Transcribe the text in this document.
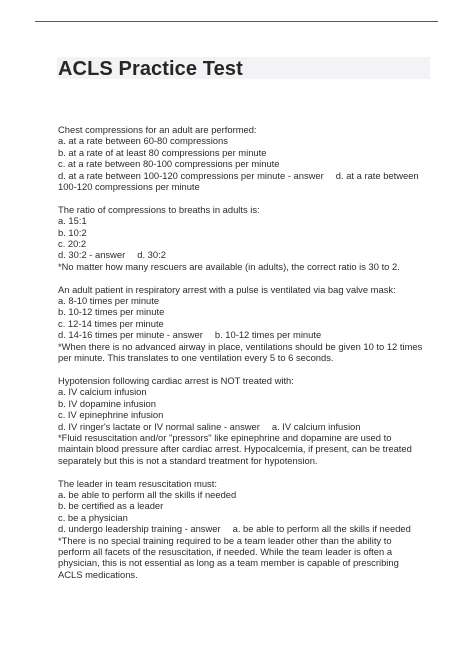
ACLS Practice Test
Chest compressions for an adult are performed:
a. at a rate between 60-80 compressions
b. at a rate of at least 80 compressions per minute
c. at a rate between 80-100 compressions per minute
d. at a rate between 100-120 compressions per minute - answer d. at a rate between
100-120 compressions per minute
The ratio of compressions to breaths in adults is:
a. 15:1
b. 10:2
c. 20:2
d. 30:2 - answer d. 30:2
*No matter how many rescuers are available (in adults), the correct ratio is 30 to 2.
An adult patient in respiratory arrest with a pulse is ventilated via bag valve mask:
a. 8-10 times per minute
b. 10-12 times per minute
c. 12-14 times per minute
d. 14-16 times per minute - answer b. 10-12 times per minute
*When there is no advanced airway in place, ventilations should be given 10 to 12 times
per minute. This translates to one ventilation every 5 to 6 seconds.
Hypotension following cardiac arrest is NOT treated with:
a. IV calcium infusion
b. IV dopamine infusion
c. IV epinephrine infusion
d. IV ringer's lactate or IV normal saline - answer a. IV calcium infusion
*Fluid resuscitation and/or "pressors" like epinephrine and dopamine are used to
maintain blood pressure after cardiac arrest. Hypocalcemia, if present, can be treated
separately but this is not a standard treatment for hypotension.
The leader in team resuscitation must:
a. be able to perform all the skills if needed
b. be certified as a leader
c. be a physician
d. undergo leadership training - answer a. be able to perform all the skills if needed
*There is no special training required to be a team leader other than the ability to
perform all facets of the resuscitation, if needed. While the team leader is often a
physician, this is not essential as long as a team member is capable of prescribing
ACLS medications.
